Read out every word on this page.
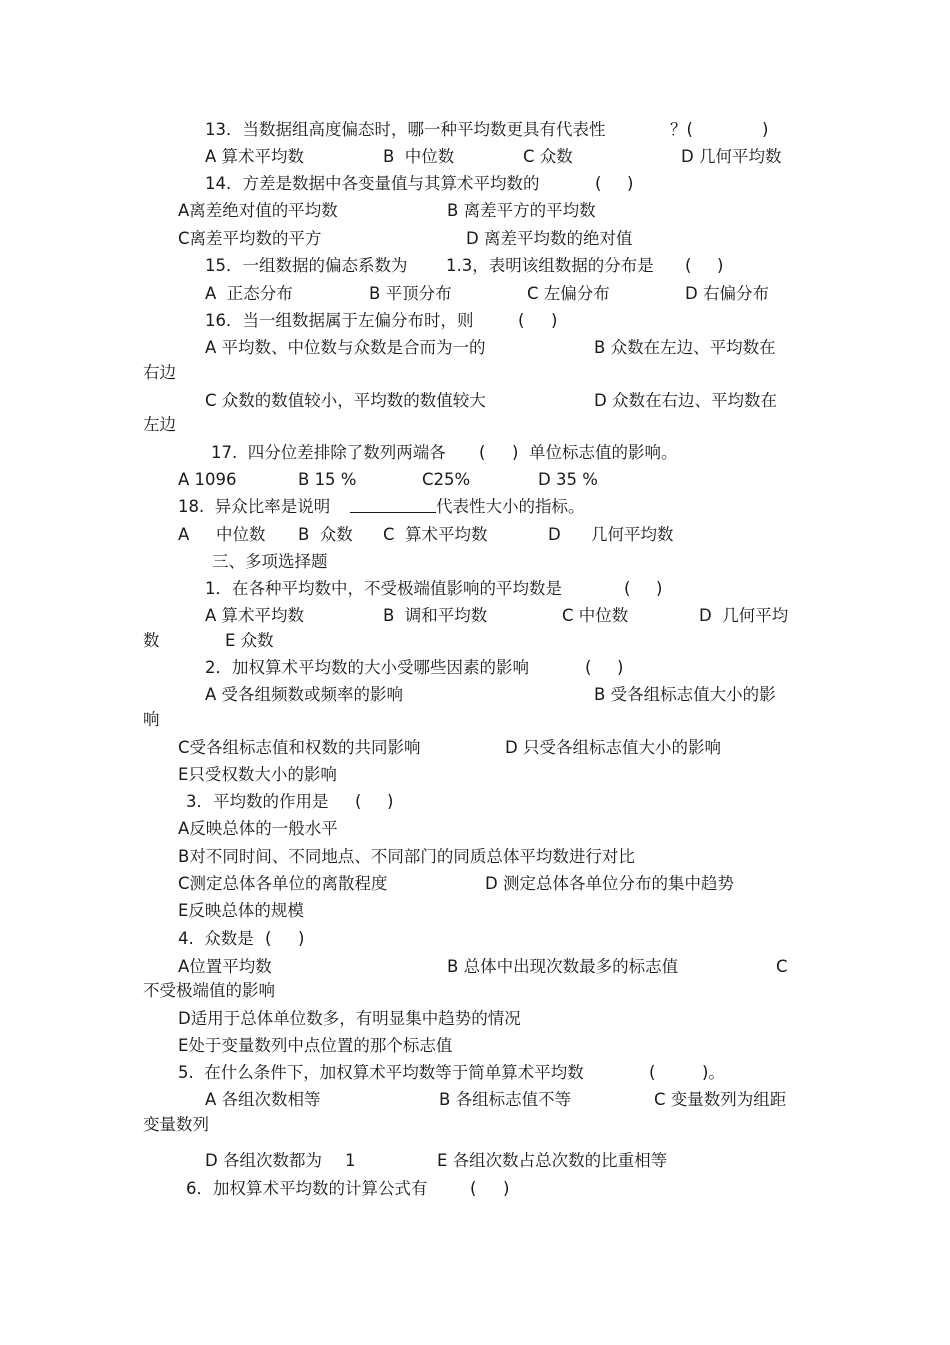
13．当数据组高度偏态时，哪一种平均数更具有代表性	？(	)
A 算术平均数	B  中位数	C 众数	D 几何平均数
14．方差是数据中各变量值与其算术平均数的	( )
A离差绝对值的平均数	B 离差平方的平均数
C离差平均数的平方	D 离差平均数的绝对值
15．一组数据的偏态系数为 1.3，表明该组数据的分布是 ( )
A  正态分布	B 平顶分布	C 左偏分布	D 右偏分布
16．当一组数据属于左偏分布时，则	( )
A 平均数、中位数与众数是合而为一的	B 众数在左边、平均数在
右边
C 众数的数值较小，平均数的数值较大	D 众数在右边、平均数在
左边
17.  四分位差排除了数列两端各 ( ) 单位标志值的影响。
A 1096	B 15 %	C25%	D 35 %
18.  异众比率是说明	代表性大小的指标。
A 中位数 B  众数 C  算术平均数	D 几何平均数
三、多项选择题
1．在各种平均数中，不受极端值影响的平均数是	( )
A 算术平均数	B  调和平均数	C 中位数	D  几何平均
数	E 众数
2．加权算术平均数的大小受哪些因素的影响	( )
A 受各组频数或频率的影响	B 受各组标志值大小的影
响
C受各组标志值和权数的共同影响	D 只受各组标志值大小的影响
E只受权数大小的影响
3．平均数的作用是 ( )
A反映总体的一般水平
B对不同时间、不同地点、不同部门的同质总体平均数进行对比
C测定总体各单位的离散程度	D 测定总体各单位分布的集中趋势
E反映总体的规模
4.  众数是 ( )
A位置平均数	B 总体中出现次数最多的标志值	C
不受极端值的影响
D适用于总体单位数多，有明显集中趋势的情况
E处于变量数列中点位置的那个标志值
5.  在什么条件下，加权算术平均数等于简单算术平均数	(	)。
A 各组次数相等	B 各组标志值不等	C 变量数列为组距
变量数列
D 各组次数都为 1	E 各组次数占总次数的比重相等
6．加权算术平均数的计算公式有	( )
